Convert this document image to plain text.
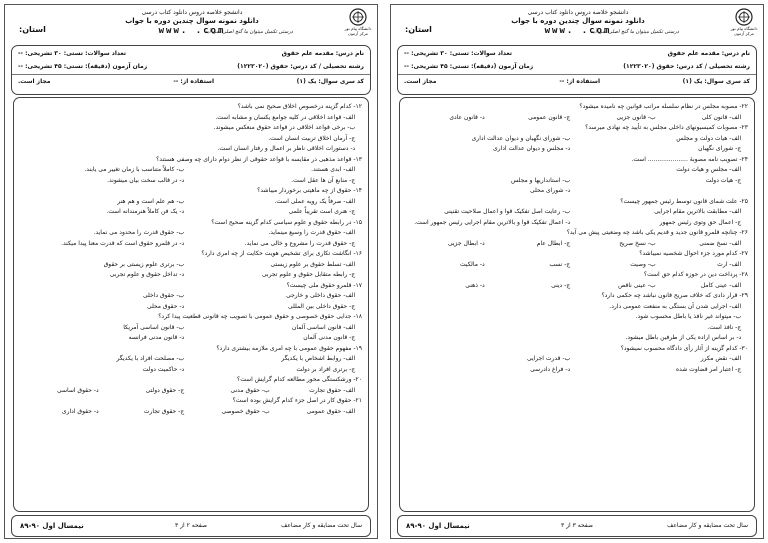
دانشگاه پیام نور مرکز آزمون
دانشجو خلاصه دروس دانلود کتاب درسی
دانلود نمونه سوال چندین دوره با جواب
www. .com
درستی تکمیل میتوان ما گنج اصلی نمی آید
استان:
نام درس: مقدمه علم حقوق
تعداد سوالات: تستی: ۳۰ تشریحی: --
رشته تحصیلی / کد درس: حقوق (۱۲۲۳۰۲۰)
زمان آزمون (دقیقه): تستی: ۴۵ تشریحی: --
کد سری سوال: یک (۱)
استفاده از: --
مجاز است.
۱۲- کدام گزینه درخصوص اخلاق صحیح نمی باشد؟
الف- قواعد اخلاقی در کلیه جوامع یکسان و مشابه است.
ب- برخی قواعد اخلاقی در قواعد حقوق منعکس میشوند.
ج- آرمان اخلاق تربیت انسان است.
د- دستورات اخلاقی ناظر بر اعمال و رفتار انسان است.
۱۳- قواعد مذهبی در مقایسه با قواعد حقوقی از نظر دوام دارای چه وصفی هستند؟
الف- ابدی هستند.
ب- کاملاً متناسب با زمان تغییر می یابند.
ج- منابع آن ها عقل است.
د- در قالب سخت بیان میشوند.
۱۴- حقوق از چه ماهیتی برخوردار میباشد؟
الف- صرفاً یک رویه عملی است.
ب- هم علم است و هم هنر
ج- هنری است تقریباً علمی
د- یک فن کاملاً هنرمندانه است.
۱۵- در رابطه حقوق و علوم سیاسی کدام گزینه صحیح است؟
الف- حقوق قدرت را وسیع مینماید.
ب- حقوق قدرت را محدود می نماید.
ج- حقوق قدرت را مشروع و خالی می نماید.
د- در قلمرو حقوق است که قدرت معنا پیدا میکند.
۱۶- انگاشت تکاری برای تشخیص هویت حکایت از چه امری دارد؟
الف- تسلط حقوق بر علوم زیستی
ب- برتری علوم زیستی بر حقوق
ج- رابطه متقابل حقوق و علوم تجربی
د- تداخل حقوق و علوم تجربی
۱۷- قلمرو حقوق ملی چیست؟
الف- حقوق داخلی و خارجی
ب- حقوق داخلی
ج- حقوق داخلی بین المللی
د- حقوق محلی
۱۸- جدایی حقوق خصوصی و حقوق عمومی با تصویب چه قانونی قطعیت پیدا کرد؟
الف- قانون اساسی آلمان
ب- قانون اساسی آمریکا
ج- قانون مدنی آلمان
د- قانون مدنی فرانسه
۱۹- مفهوم حقوق عمومی با چه امری ملازمه بیشتری دارد؟
الف- روابط اشخاص با یکدیگر
ب- مصلحت افراد با یکدیگر
ج- برتری افراد بر دولت
د- حاکمیت دولت
۲۰- ورشکستگی محور مطالعه کدام گرایش است؟
الف- حقوق تجارت
ب- حقوق مدنی
ج- حقوق دولتی
د- حقوق اساسی
۲۱- حقوق کار در اصل جزء کدام گرایش بوده است؟
الف- حقوق عمومی
ب- حقوق خصوصی
ج- حقوق تجارت
د- حقوق اداری
سال تحت مضایقه و کار مضاعف
صفحه ۲ از ۳
نیمسال اول ۹۰-۸۹
دانشگاه پیام نور مرکز آزمون
دانشجو خلاصه دروس دانلود کتاب درسی
دانلود نمونه سوال چندین دوره با جواب
www. .com
درستی تکمیل میتوان ما گنج اصلی نمی آید
استان:
نام درس: مقدمه علم حقوق
تعداد سوالات: تستی: ۳۰ تشریحی: --
رشته تحصیلی / کد درس: حقوق (۱۲۲۳۰۲۰)
زمان آزمون (دقیقه): تستی: ۴۵ تشریحی: --
کد سری سوال: یک (۱)
استفاده از: --
مجاز است.
۲۲- مصوبه مجلس در نظام سلسله مراتب قوانین چه نامیده میشود؟
الف- قانون کلی
ب- قانون جزیی
ج- قانون عمومی
د- قانون عادی
۲۳- مصوبات کمیسیونهای داخلی مجلس به تأیید چه نهادی میرسد؟
الف- هیات دولت و مجلس
ب- شورای نگهبان و دیوان عدالت اداری
ج- شورای نگهبان
د- مجلس و دیوان عدالت اداری
۲۴- تصویب نامه مصوبهٔ ..................... است.
الف- مجلس و هیات دولت
ج- هیات دولت
ب- استانداریها و مجلس
د- شورای محلی
۲۵- علت شمای قانون توسط رئیس جمهور چیست؟
الف- مطابقت بالاترین مقام اجرایی
ب- رعایت اصل تفکیک قوا و اعمال صلاحیت تقنینی
ج- اعمال حق وتوی رئیس جمهور
د- اعمال تفکیک قوا و بالاترین مقام اجرایی رئیس جمهور است.
۲۶- چنانچه قلمرو قانون جدید و قدیم یکی باشد چه وضعیتی پیش می آید؟
الف- نسخ ضمنی
ب- نسخ صریح
ج- ابطال عام
د- ابطال جزیی
۲۷- کدام مورد جزء احوال شخصیه نمیباشد؟
الف- ارث
ب- وصیت
ج- نسب
د- مالکیت
۲۸- پرداخت دین در حوزه کدام حق است؟
الف- عینی کامل
ب- عینی ناقص
ج- دینی
د- ذهنی
۲۹- قرار دادی که خلاف صریح قانون نباشد چه حکمی دارد؟
الف- اجرایی شدن آن بستگی به منفعت عمومی دارد.
ب- میتواند غیر نافذ یا باطل محسوب شود.
ج- نافذ است.
د- بر اساس اراده یکی از طرفین باطل میشود.
۳۰- کدام گزینه از آثار رأی دادگاه محسوب نمیشود؟
الف- نقض مکرر
ب- قدرت اجرایی
ج- اعتبار امر قضاوت شده
د- فراغ دادرسی
سال تحت مضایقه و کار مضاعف
صفحه ۳ از ۳
نیمسال اول ۹۰-۸۹
